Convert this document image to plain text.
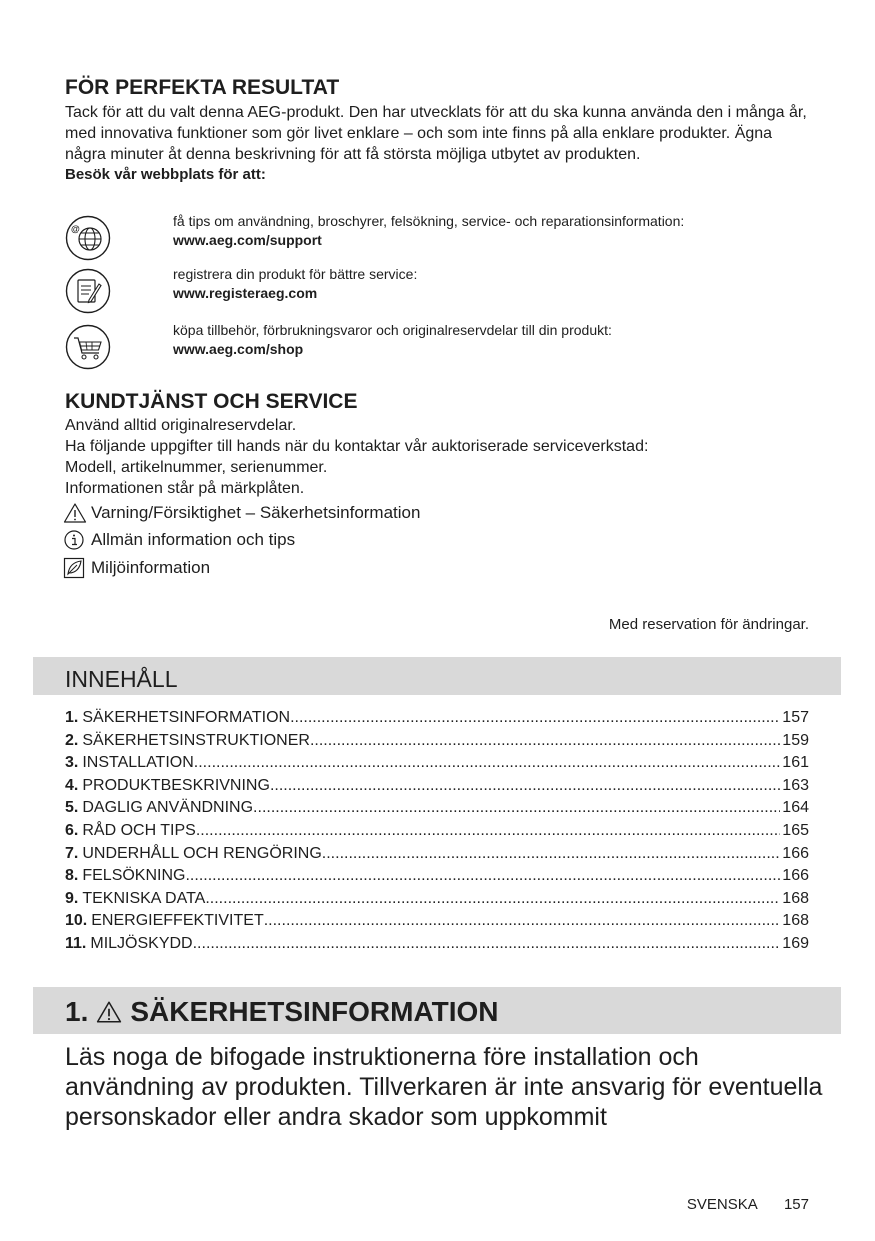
FÖR PERFEKTA RESULTAT

Tack för att du valt denna AEG-produkt. Den har utvecklats för att du ska kunna använda den i många år, med innovativa funktioner som gör livet enklare – och som inte finns på alla enklare produkter. Ägna några minuter åt denna beskrivning för att få största möjliga utbytet av produkten.

Besök vår webbplats för att:

@	få tips om användning, broschyrer, felsökning, service- och reparationsinformation:
www.aeg.com/support
registrera din produkt för bättre service:
www.registeraeg.com
köpa tillbehör, förbrukningsvaror och originalreservdelar till din produkt:
www.aeg.com/shop
KUNDTJÄNST OCH SERVICE

Använd alltid originalreservdelar.

Ha följande uppgifter till hands när du kontaktar vår auktoriserade serviceverkstad:

Modell, artikelnummer, serienummer.

Informationen står på märkplåten.

Varning/Försiktighet – Säkerhetsinformation
Allmän information och tips
Miljöinformation
Med reservation för ändringar.
INNEHÅLL
1. SÄKERHETSINFORMATION .....	157
2. SÄKERHETSINSTRUKTIONER .....	159
3. INSTALLATION .....	161
4. PRODUKTBESKRIVNING .....	163
5. DAGLIG ANVÄNDNING .....	164
6. RÅD OCH TIPS .....	165
7. UNDERHÅLL OCH RENGÖRING .....	166
8. FELSÖKNING .....	166
9. TEKNISKA DATA .....	168
10. ENERGIEFFEKTIVITET .....	168
11. MILJÖSKYDD .....	169
1. SÄKERHETSINFORMATION
Läs noga de bifogade instruktionerna före installation och användning av produkten. Tillverkaren är inte ansvarig för eventuella personskador eller andra skador som uppkommit
SVENSKA 157
